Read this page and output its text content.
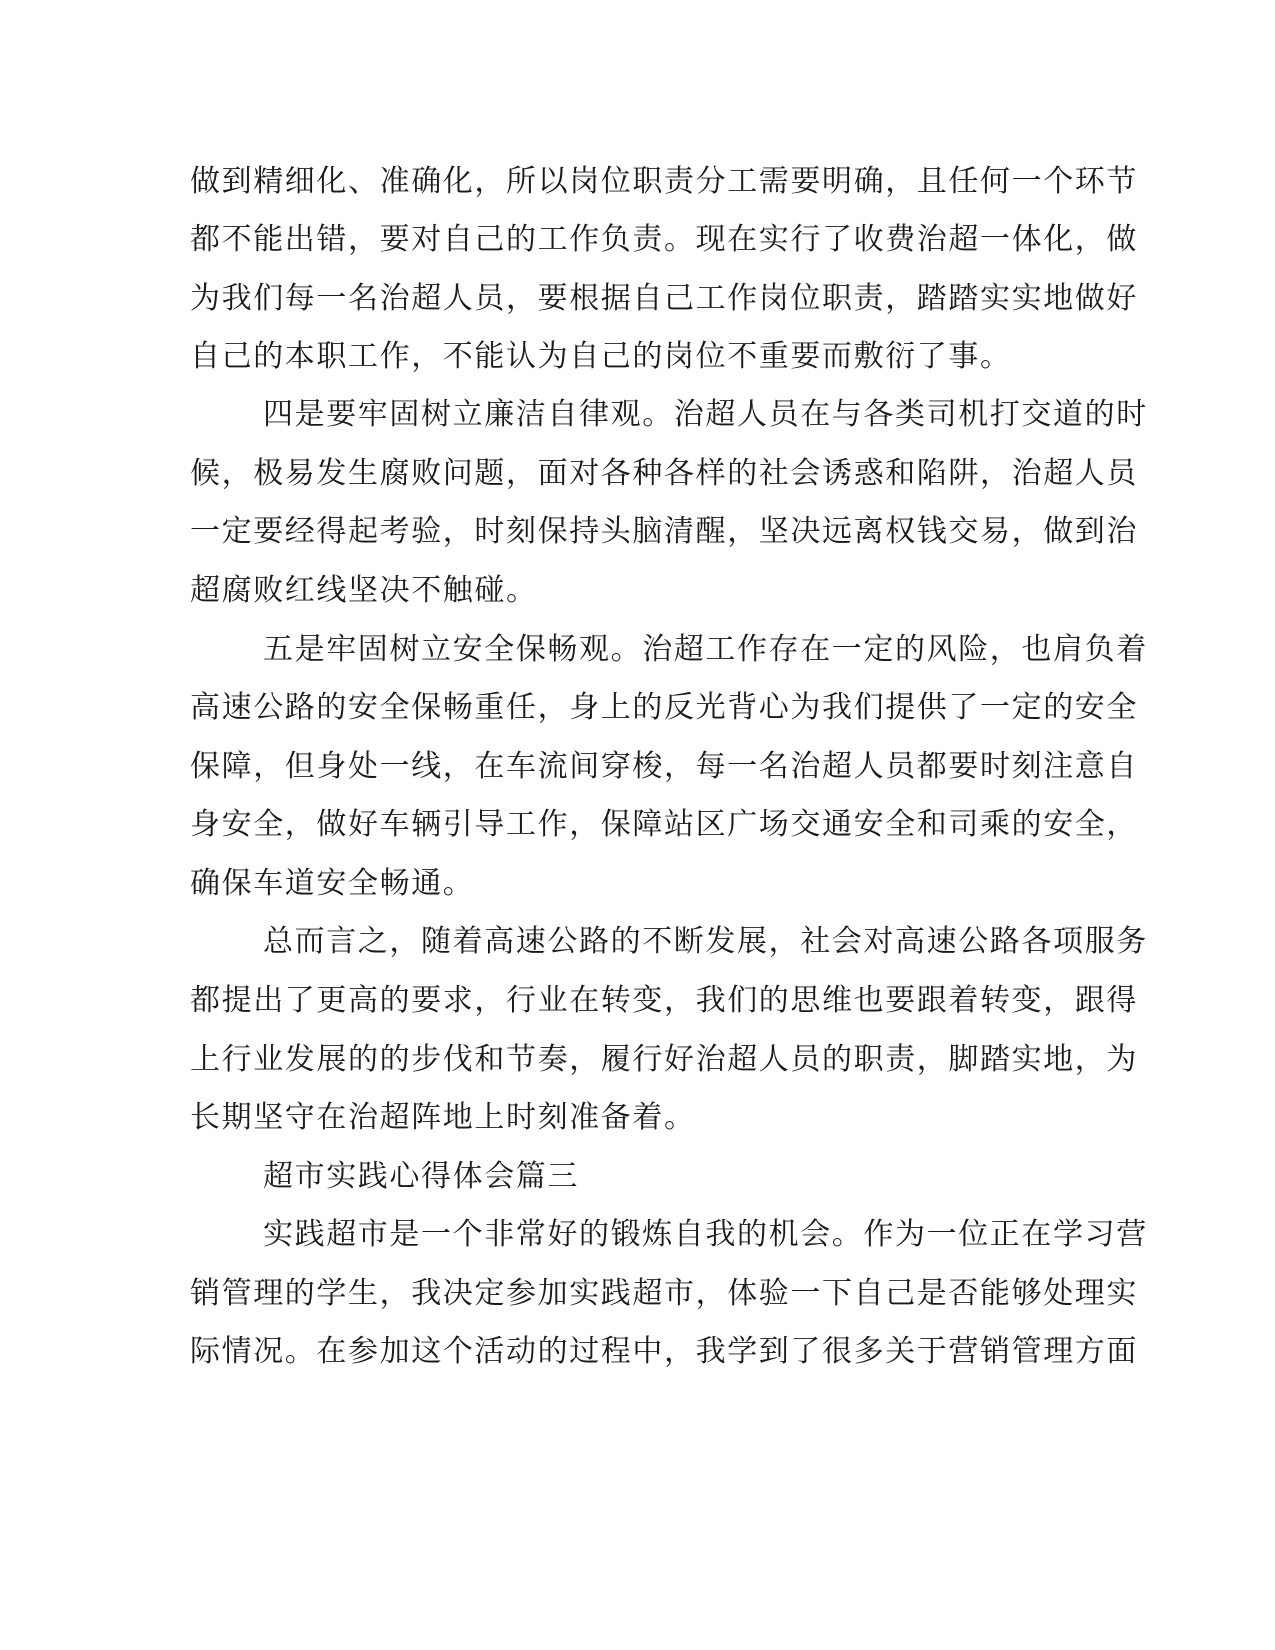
做到精细化、准确化，所以岗位职责分工需要明确，且任何一个环节
都不能出错，要对自己的工作负责。现在实行了收费治超一体化，做
为我们每一名治超人员，要根据自己工作岗位职责，踏踏实实地做好
自己的本职工作，不能认为自己的岗位不重要而敷衍了事。
四是要牢固树立廉洁自律观。治超人员在与各类司机打交道的时
候，极易发生腐败问题，面对各种各样的社会诱惑和陷阱，治超人员
一定要经得起考验，时刻保持头脑清醒，坚决远离权钱交易，做到治
超腐败红线坚决不触碰。
五是牢固树立安全保畅观。治超工作存在一定的风险，也肩负着
高速公路的安全保畅重任，身上的反光背心为我们提供了一定的安全
保障，但身处一线，在车流间穿梭，每一名治超人员都要时刻注意自
身安全，做好车辆引导工作，保障站区广场交通安全和司乘的安全，
确保车道安全畅通。
总而言之，随着高速公路的不断发展，社会对高速公路各项服务
都提出了更高的要求，行业在转变，我们的思维也要跟着转变，跟得
上行业发展的的步伐和节奏，履行好治超人员的职责，脚踏实地，为
长期坚守在治超阵地上时刻准备着。
超市实践心得体会篇三
实践超市是一个非常好的锻炼自我的机会。作为一位正在学习营
销管理的学生，我决定参加实践超市，体验一下自己是否能够处理实
际情况。在参加这个活动的过程中，我学到了很多关于营销管理方面
